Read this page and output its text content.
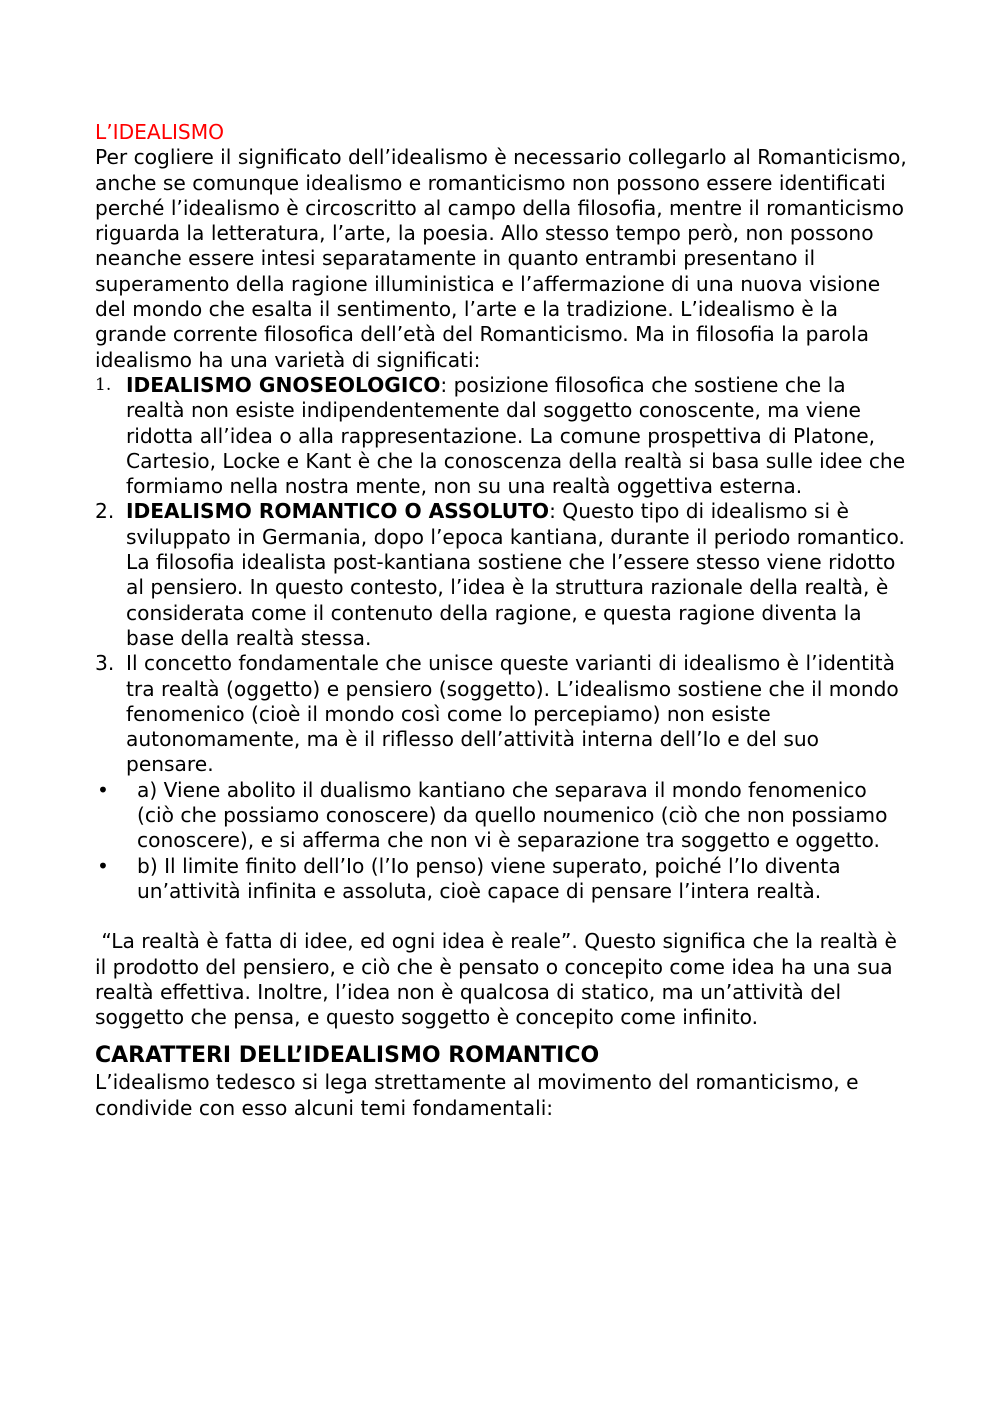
L’IDEALISMO

Per cogliere il significato dell’idealismo è necessario collegarlo al Romanticismo, anche se comunque idealismo e romanticismo non possono essere identificati perché l’idealismo è circoscritto al campo della filosofia, mentre il romanticismo riguarda la letteratura, l’arte, la poesia. Allo stesso tempo però, non possono neanche essere intesi separatamente in quanto entrambi presentano il superamento della ragione illuministica e l’affermazione di una nuova visione del mondo che esalta il sentimento, l’arte e la tradizione. L’idealismo è la grande corrente filosofica dell’età del Romanticismo. Ma in filosofia la parola idealismo ha una varietà di significati:

1. IDEALISMO GNOSEOLOGICO: posizione filosofica che sostiene che la realtà non esiste indipendentemente dal soggetto conoscente, ma viene ridotta all’idea o alla rappresentazione. La comune prospettiva di Platone, Cartesio, Locke e Kant è che la conoscenza della realtà si basa sulle idee che formiamo nella nostra mente, non su una realtà oggettiva esterna.
2. IDEALISMO ROMANTICO O ASSOLUTO: Questo tipo di idealismo si è sviluppato in Germania, dopo l’epoca kantiana, durante il periodo romantico. La filosofia idealista post-kantiana sostiene che l’essere stesso viene ridotto al pensiero. In questo contesto, l’idea è la struttura razionale della realtà, è considerata come il contenuto della ragione, e questa ragione diventa la base della realtà stessa.
3. Il concetto fondamentale che unisce queste varianti di idealismo è l’identità tra realtà (oggetto) e pensiero (soggetto). L’idealismo sostiene che il mondo fenomenico (cioè il mondo così come lo percepiamo) non esiste autonomamente, ma è il riflesso dell’attività interna dell’Io e del suo pensare.
• a) Viene abolito il dualismo kantiano che separava il mondo fenomenico (ciò che possiamo conoscere) da quello noumenico (ciò che non possiamo conoscere), e si afferma che non vi è separazione tra soggetto e oggetto.
• b) Il limite finito dell’Io (l’Io penso) viene superato, poiché l’Io diventa un’attività infinita e assoluta, cioè capace di pensare l’intera realtà.

“La realtà è fatta di idee, ed ogni idea è reale”. Questo significa che la realtà è il prodotto del pensiero, e ciò che è pensato o concepito come idea ha una sua realtà effettiva. Inoltre, l’idea non è qualcosa di statico, ma un’attività del soggetto che pensa, e questo soggetto è concepito come infinito.

CARATTERI DELL’IDEALISMO ROMANTICO

L’idealismo tedesco si lega strettamente al movimento del romanticismo, e condivide con esso alcuni temi fondamentali:
